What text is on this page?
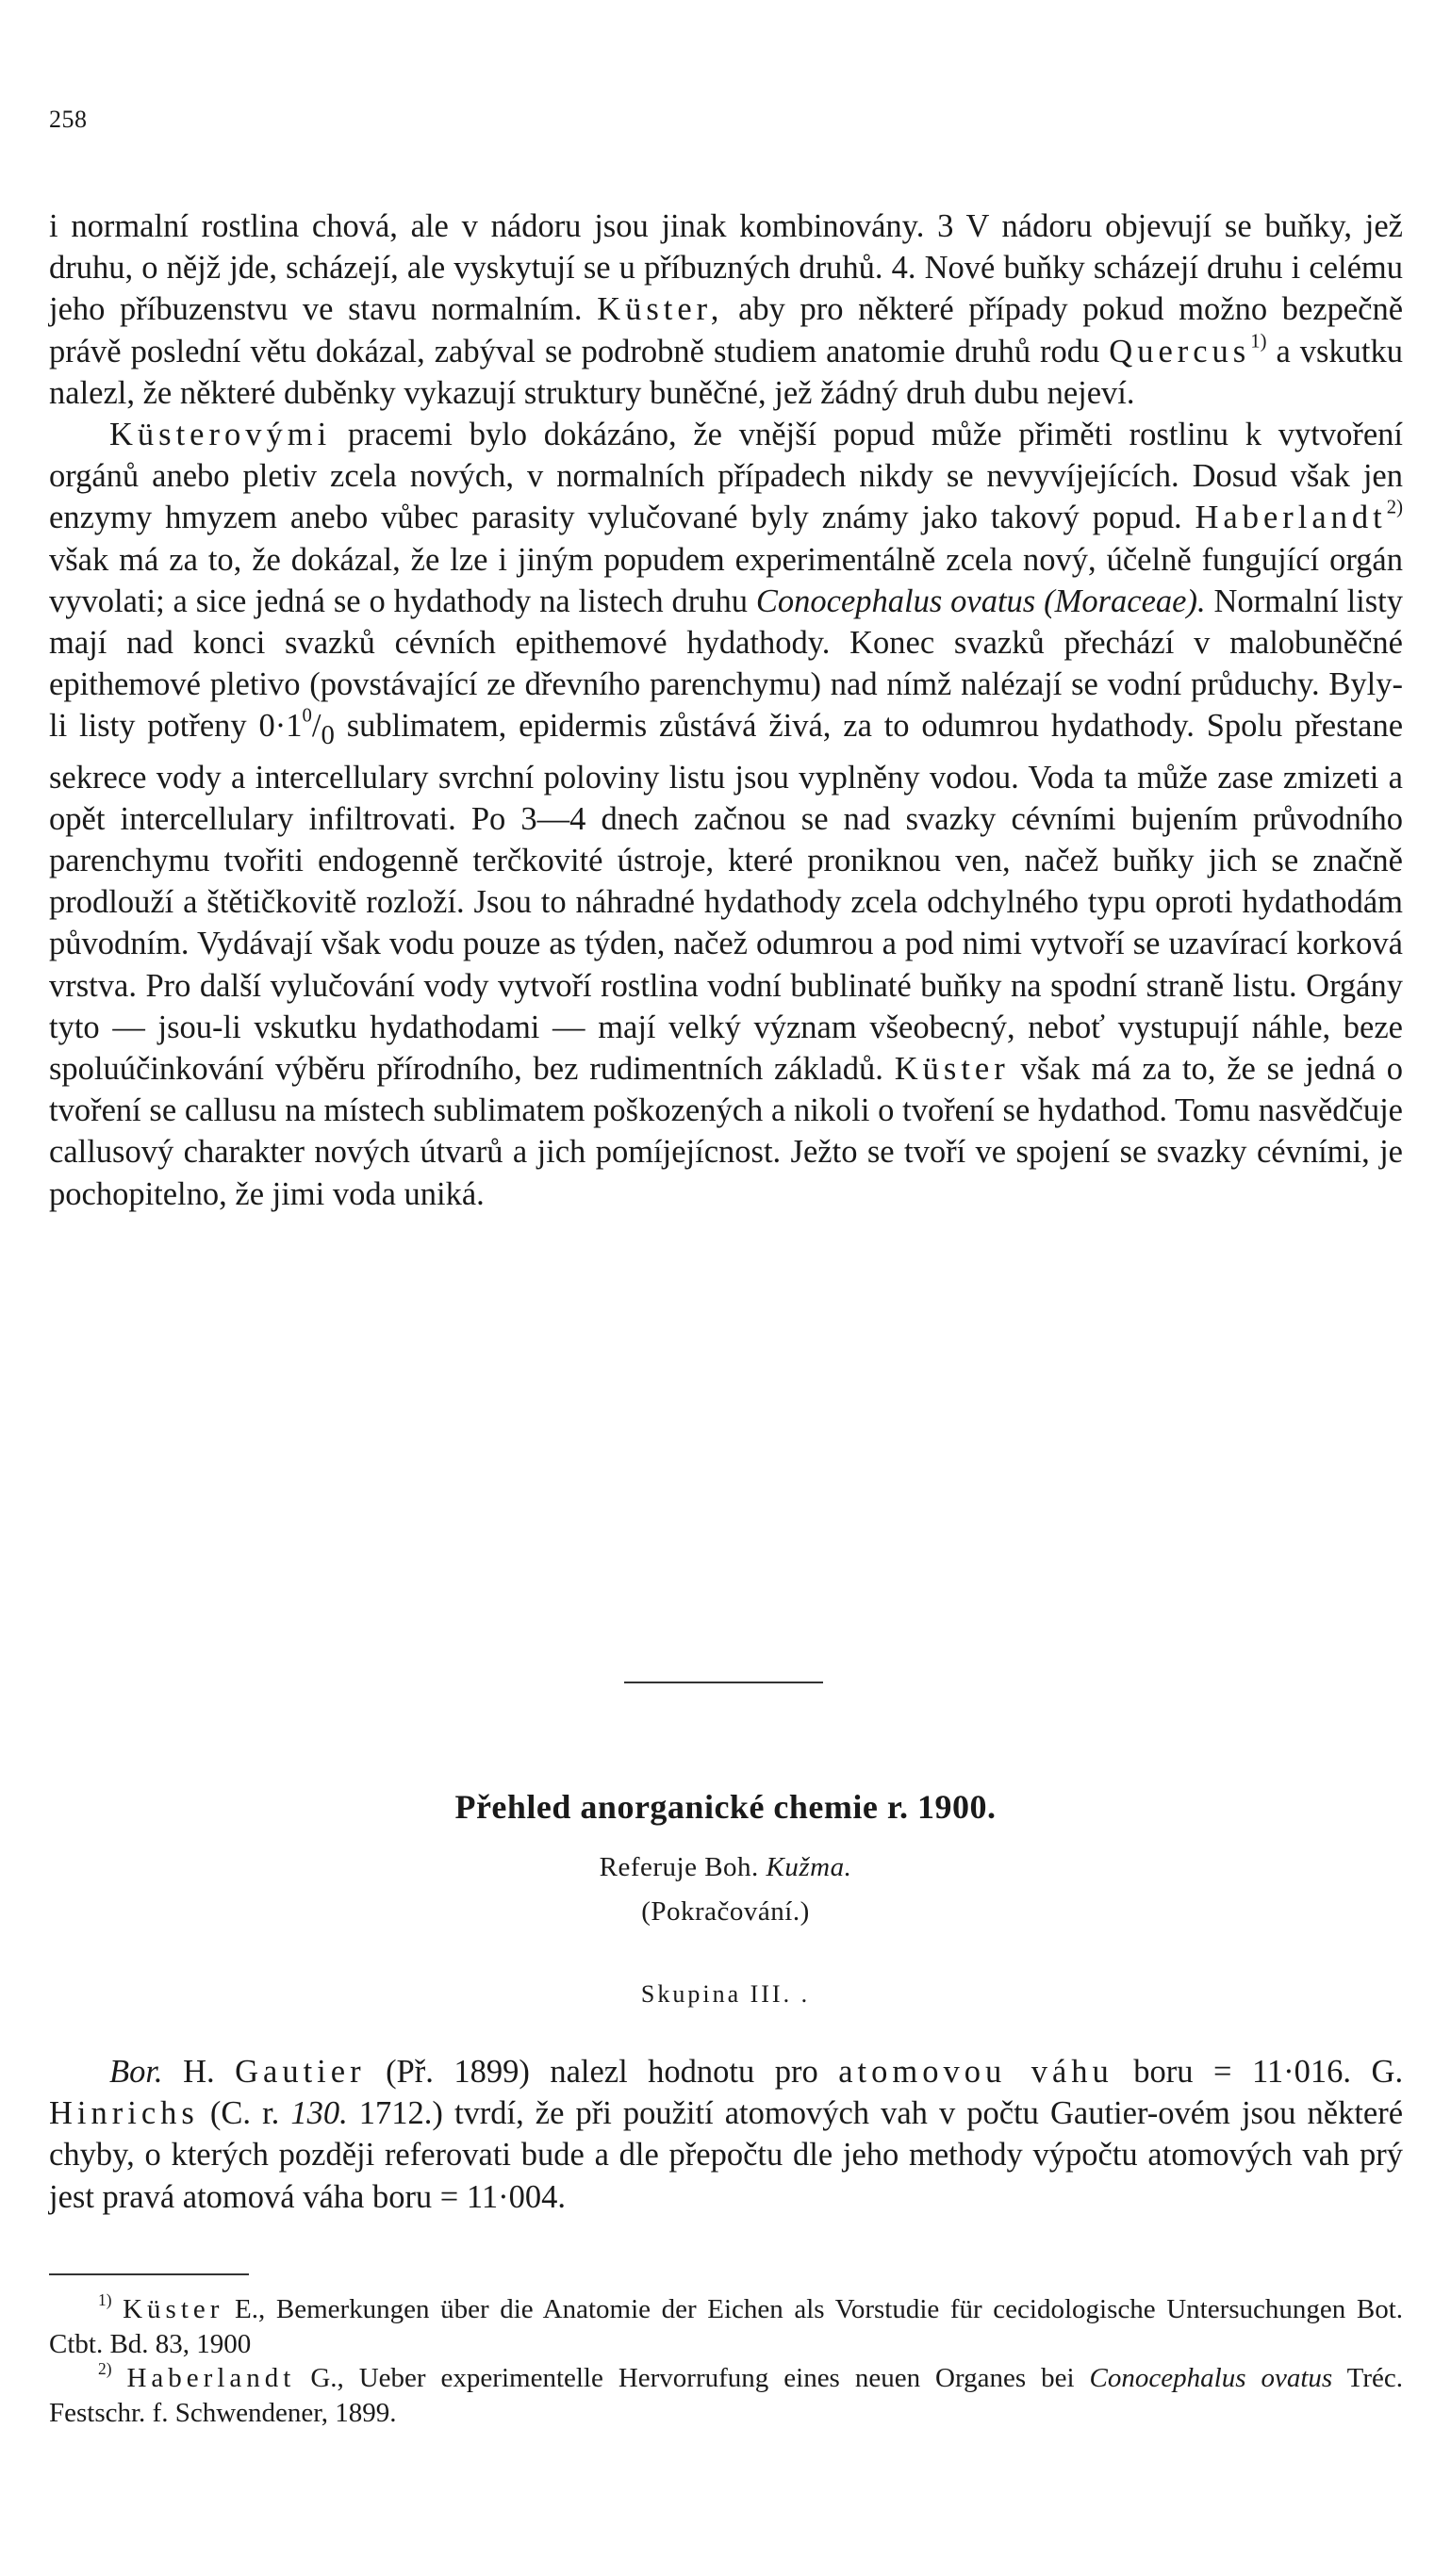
258

i normalní rostlina chová, ale v nádoru jsou jinak kombinovány. 3 V nádoru objevují se buňky, jež druhu, o nějž jde, scházejí, ale vyskytují se u příbuzných druhů. 4. Nové buňky scházejí druhu i celému jeho příbuzenstvu ve stavu normalním. Küster, aby pro některé případy pokud možno bezpečně právě poslední větu dokázal, zabýval se podrobně studiem anatomie druhů rodu Quercus$^{1)}$ a vskutku nalezl, že některé duběnky vykazují struktury buněčné, jež žádný druh dubu nejeví.

Küsterovými pracemi bylo dokázáno, že vnější popud může přiměti rostlinu k vytvoření orgánů anebo pletiv zcela nových, v normalních případech nikdy se nevyvíjejících. Dosud však jen enzymy hmyzem anebo vůbec parasity vylučované byly známy jako takový popud. Haberlandt$^{2)}$ však má za to, že dokázal, že lze i jiným popudem experimentálně zcela nový, účelně fungující orgán vyvolati; a sice jedná se o hydathody na listech druhu Conocephalus ovatus (Moraceae). Normalní listy mají nad konci svazků cévních epithemové hydathody. Konec svazků přechází v malobuněčné epithemové pletivo (povstávající ze dřevního parenchymu) nad nímž nalézají se vodní průduchy. Byly-li listy potřeny $0\cdot 1^0/_0$ sublimatem, epidermis zůstává živá, za to odumrou hydathody. Spolu přestane sekrece vody a intercellulary svrchní poloviny listu jsou vyplněny vodou. Voda ta může zase zmizeti a opět intercellulary infiltrovati. Po 3—4 dnech začnou se nad svazky cévními bujením průvodního parenchymu tvořiti endogenně terčkovité ústroje, které proniknou ven, načež buňky jich se značně prodlouží a štětičkovitě rozloží. Jsou to náhradné hydathody zcela odchylného typu oproti hydathodám původním. Vydávají však vodu pouze as týden, načež odumrou a pod nimi vytvoří se uzavírací korková vrstva. Pro další vylučování vody vytvoří rostlina vodní bublinaté buňky na spodní straně listu. Orgány tyto — jsou-li vskutku hydathodami — mají velký význam všeobecný, neboť vystupují náhle, beze spoluúčinkování výběru přírodního, bez rudimentních základů. Küster však má za to, že se jedná o tvoření se callusu na místech sublimatem poškozených a nikoli o tvoření se hydathod. Tomu nasvědčuje callusový charakter nových útvarů a jich pomíjejícnost. Ježto se tvoří ve spojení se svazky cévními, je pochopitelno, že jimi voda uniká.

Přehled anorganické chemie r. 1900.
Referuje Boh. Kužma.
(Pokračování.)
Skupina III. .

Bor. H. Gautier (Př. 1899) nalezl hodnotu pro atomovou váhu boru = 11·016. G. Hinrichs (C. r. 130. 1712.) tvrdí, že při použití atomových vah v počtu Gautier-ovém jsou některé chyby, o kterých později referovati bude a dle přepočtu dle jeho methody výpočtu atomových vah prý jest pravá atomová váha boru = 11·004.

$^{1)}$ Küster E., Bemerkungen über die Anatomie der Eichen als Vorstudie für cecidologische Untersuchungen Bot. Ctbt. Bd. 83, 1900

$^{2)}$ Haberlandt G., Ueber experimentelle Hervorrufung eines neuen Organes bei Conocephalus ovatus Tréc. Festschr. f. Schwendener, 1899.
